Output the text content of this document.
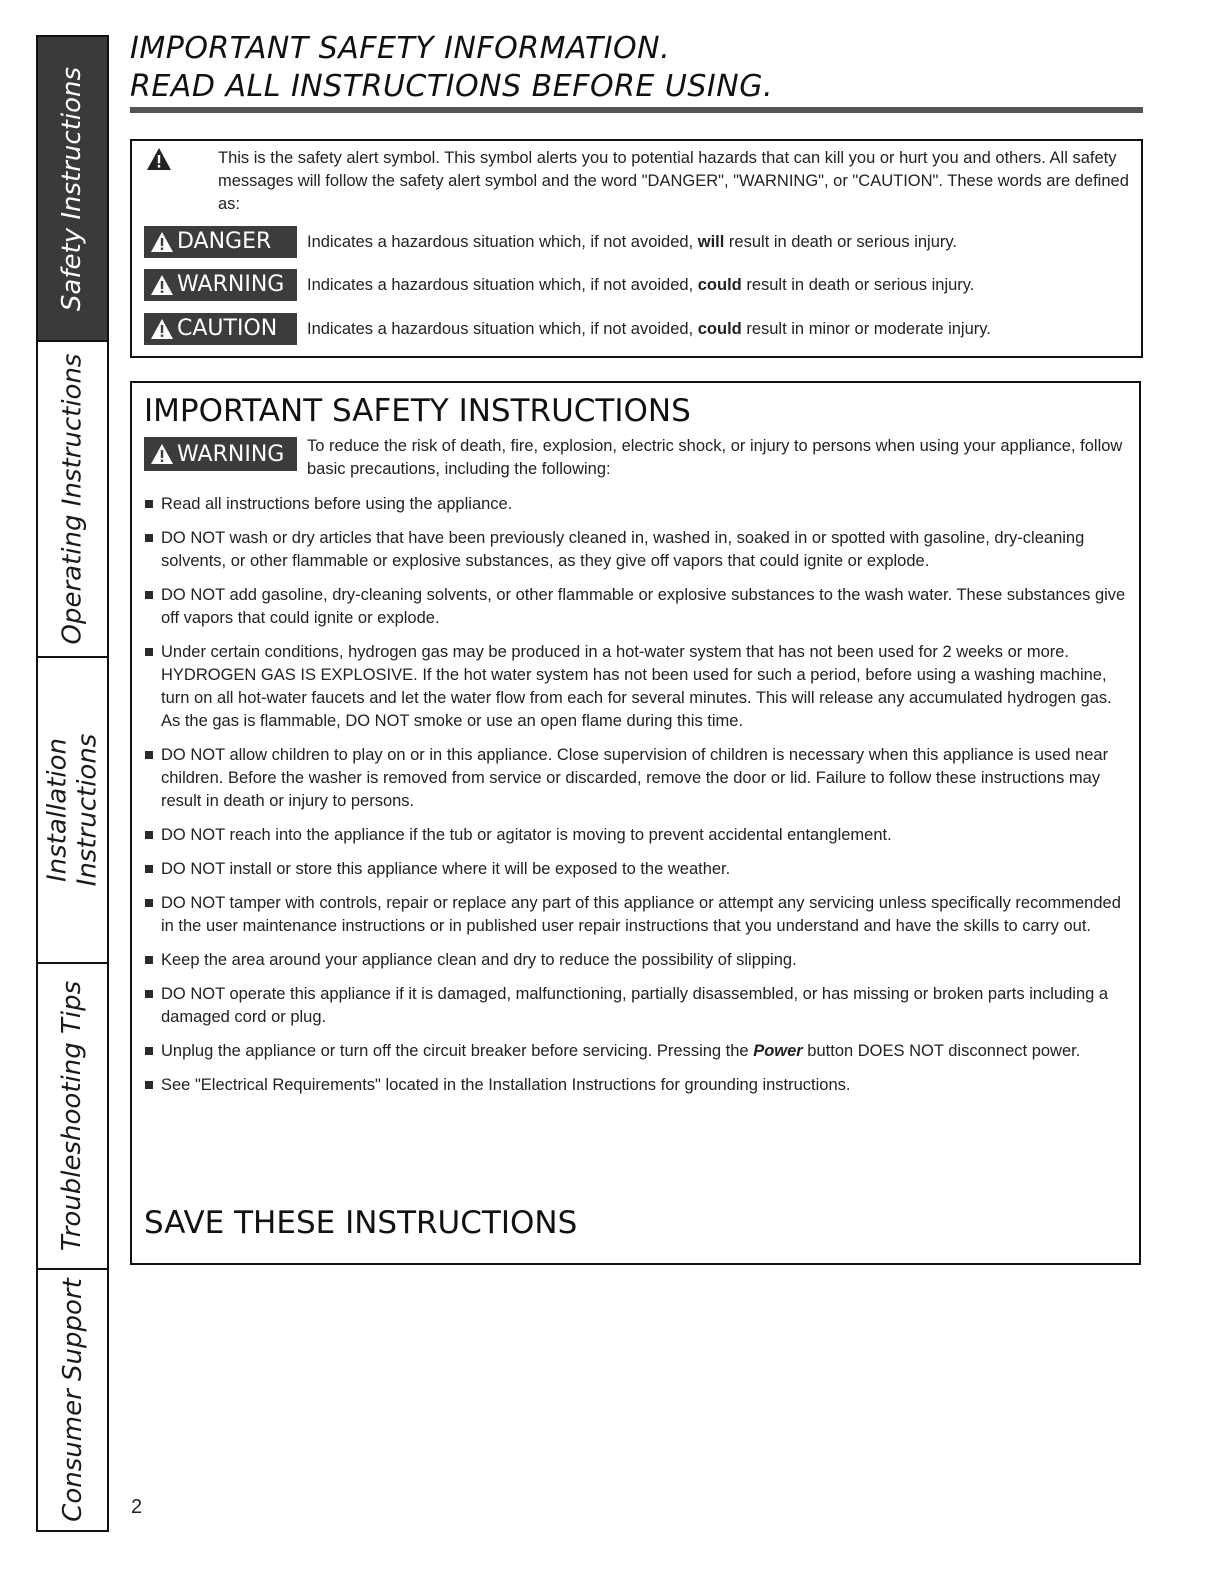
Safety Instructions
Operating Instructions
Installation Instructions
Troubleshooting Tips
Consumer Support
IMPORTANT SAFETY INFORMATION.
READ ALL INSTRUCTIONS BEFORE USING.
This is the safety alert symbol. This symbol alerts you to potential hazards that can kill you or hurt you and others. All safety messages will follow the safety alert symbol and the word "DANGER", "WARNING", or "CAUTION". These words are defined as:
DANGER Indicates a hazardous situation which, if not avoided, will result in death or serious injury.
WARNING Indicates a hazardous situation which, if not avoided, could result in death or serious injury.
CAUTION Indicates a hazardous situation which, if not avoided, could result in minor or moderate injury.
IMPORTANT SAFETY INSTRUCTIONS
WARNING To reduce the risk of death, fire, explosion, electric shock, or injury to persons when using your appliance, follow basic precautions, including the following:
Read all instructions before using the appliance.
DO NOT wash or dry articles that have been previously cleaned in, washed in, soaked in or spotted with gasoline, dry-cleaning solvents, or other flammable or explosive substances, as they give off vapors that could ignite or explode.
DO NOT add gasoline, dry-cleaning solvents, or other flammable or explosive substances to the wash water. These substances give off vapors that could ignite or explode.
Under certain conditions, hydrogen gas may be produced in a hot-water system that has not been used for 2 weeks or more. HYDROGEN GAS IS EXPLOSIVE. If the hot water system has not been used for such a period, before using a washing machine, turn on all hot-water faucets and let the water flow from each for several minutes. This will release any accumulated hydrogen gas. As the gas is flammable, DO NOT smoke or use an open flame during this time.
DO NOT allow children to play on or in this appliance. Close supervision of children is necessary when this appliance is used near children. Before the washer is removed from service or discarded, remove the door or lid. Failure to follow these instructions may result in death or injury to persons.
DO NOT reach into the appliance if the tub or agitator is moving to prevent accidental entanglement.
DO NOT install or store this appliance where it will be exposed to the weather.
DO NOT tamper with controls, repair or replace any part of this appliance or attempt any servicing unless specifically recommended in the user maintenance instructions or in published user repair instructions that you understand and have the skills to carry out.
Keep the area around your appliance clean and dry to reduce the possibility of slipping.
DO NOT operate this appliance if it is damaged, malfunctioning, partially disassembled, or has missing or broken parts including a damaged cord or plug.
Unplug the appliance or turn off the circuit breaker before servicing. Pressing the Power button DOES NOT disconnect power.
See "Electrical Requirements" located in the Installation Instructions for grounding instructions.
SAVE THESE INSTRUCTIONS
2
